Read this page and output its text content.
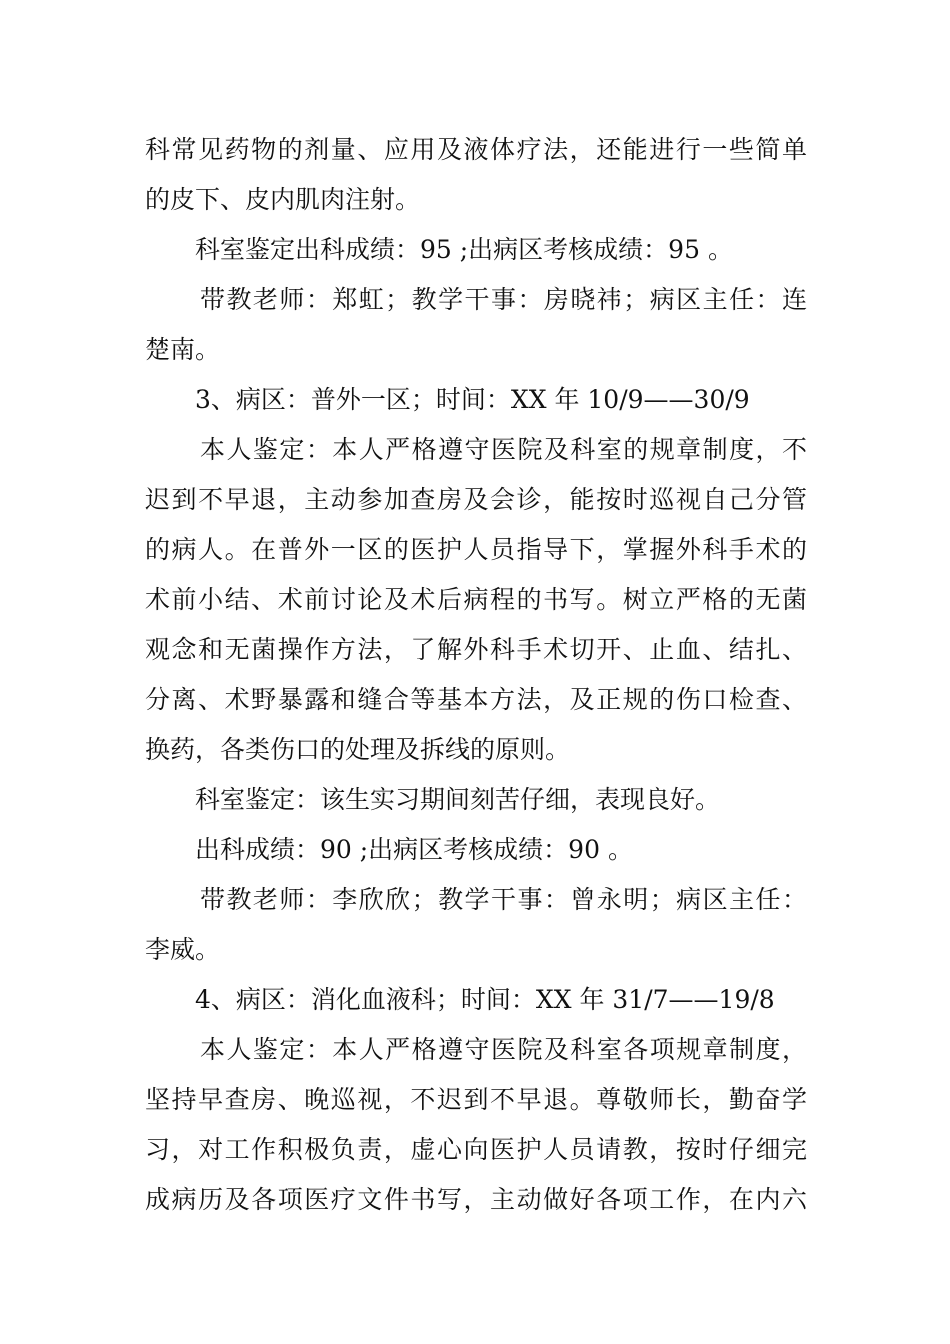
科常见药物的剂量、应用及液体疗法，还能进行一些简单
的皮下、皮内肌肉注射。
科室鉴定出科成绩：95 ;出病区考核成绩：95 。
带教老师：郑虹；教学干事：房晓祎；病区主任：连
楚南。
3、病区：普外一区；时间：XX 年 10/9——30/9
本人鉴定：本人严格遵守医院及科室的规章制度，不
迟到不早退，主动参加查房及会诊，能按时巡视自己分管
的病人。在普外一区的医护人员指导下，掌握外科手术的
术前小结、术前讨论及术后病程的书写。树立严格的无菌
观念和无菌操作方法，了解外科手术切开、止血、结扎、
分离、术野暴露和缝合等基本方法，及正规的伤口检查、
换药，各类伤口的处理及拆线的原则。
科室鉴定：该生实习期间刻苦仔细，表现良好。
出科成绩：90 ;出病区考核成绩：90 。
带教老师：李欣欣；教学干事：曾永明；病区主任：
李威。
4、病区：消化血液科；时间：XX 年 31/7——19/8
本人鉴定：本人严格遵守医院及科室各项规章制度，
坚持早查房、晚巡视，不迟到不早退。尊敬师长，勤奋学
习，对工作积极负责，虚心向医护人员请教，按时仔细完
成病历及各项医疗文件书写，主动做好各项工作，在内六
